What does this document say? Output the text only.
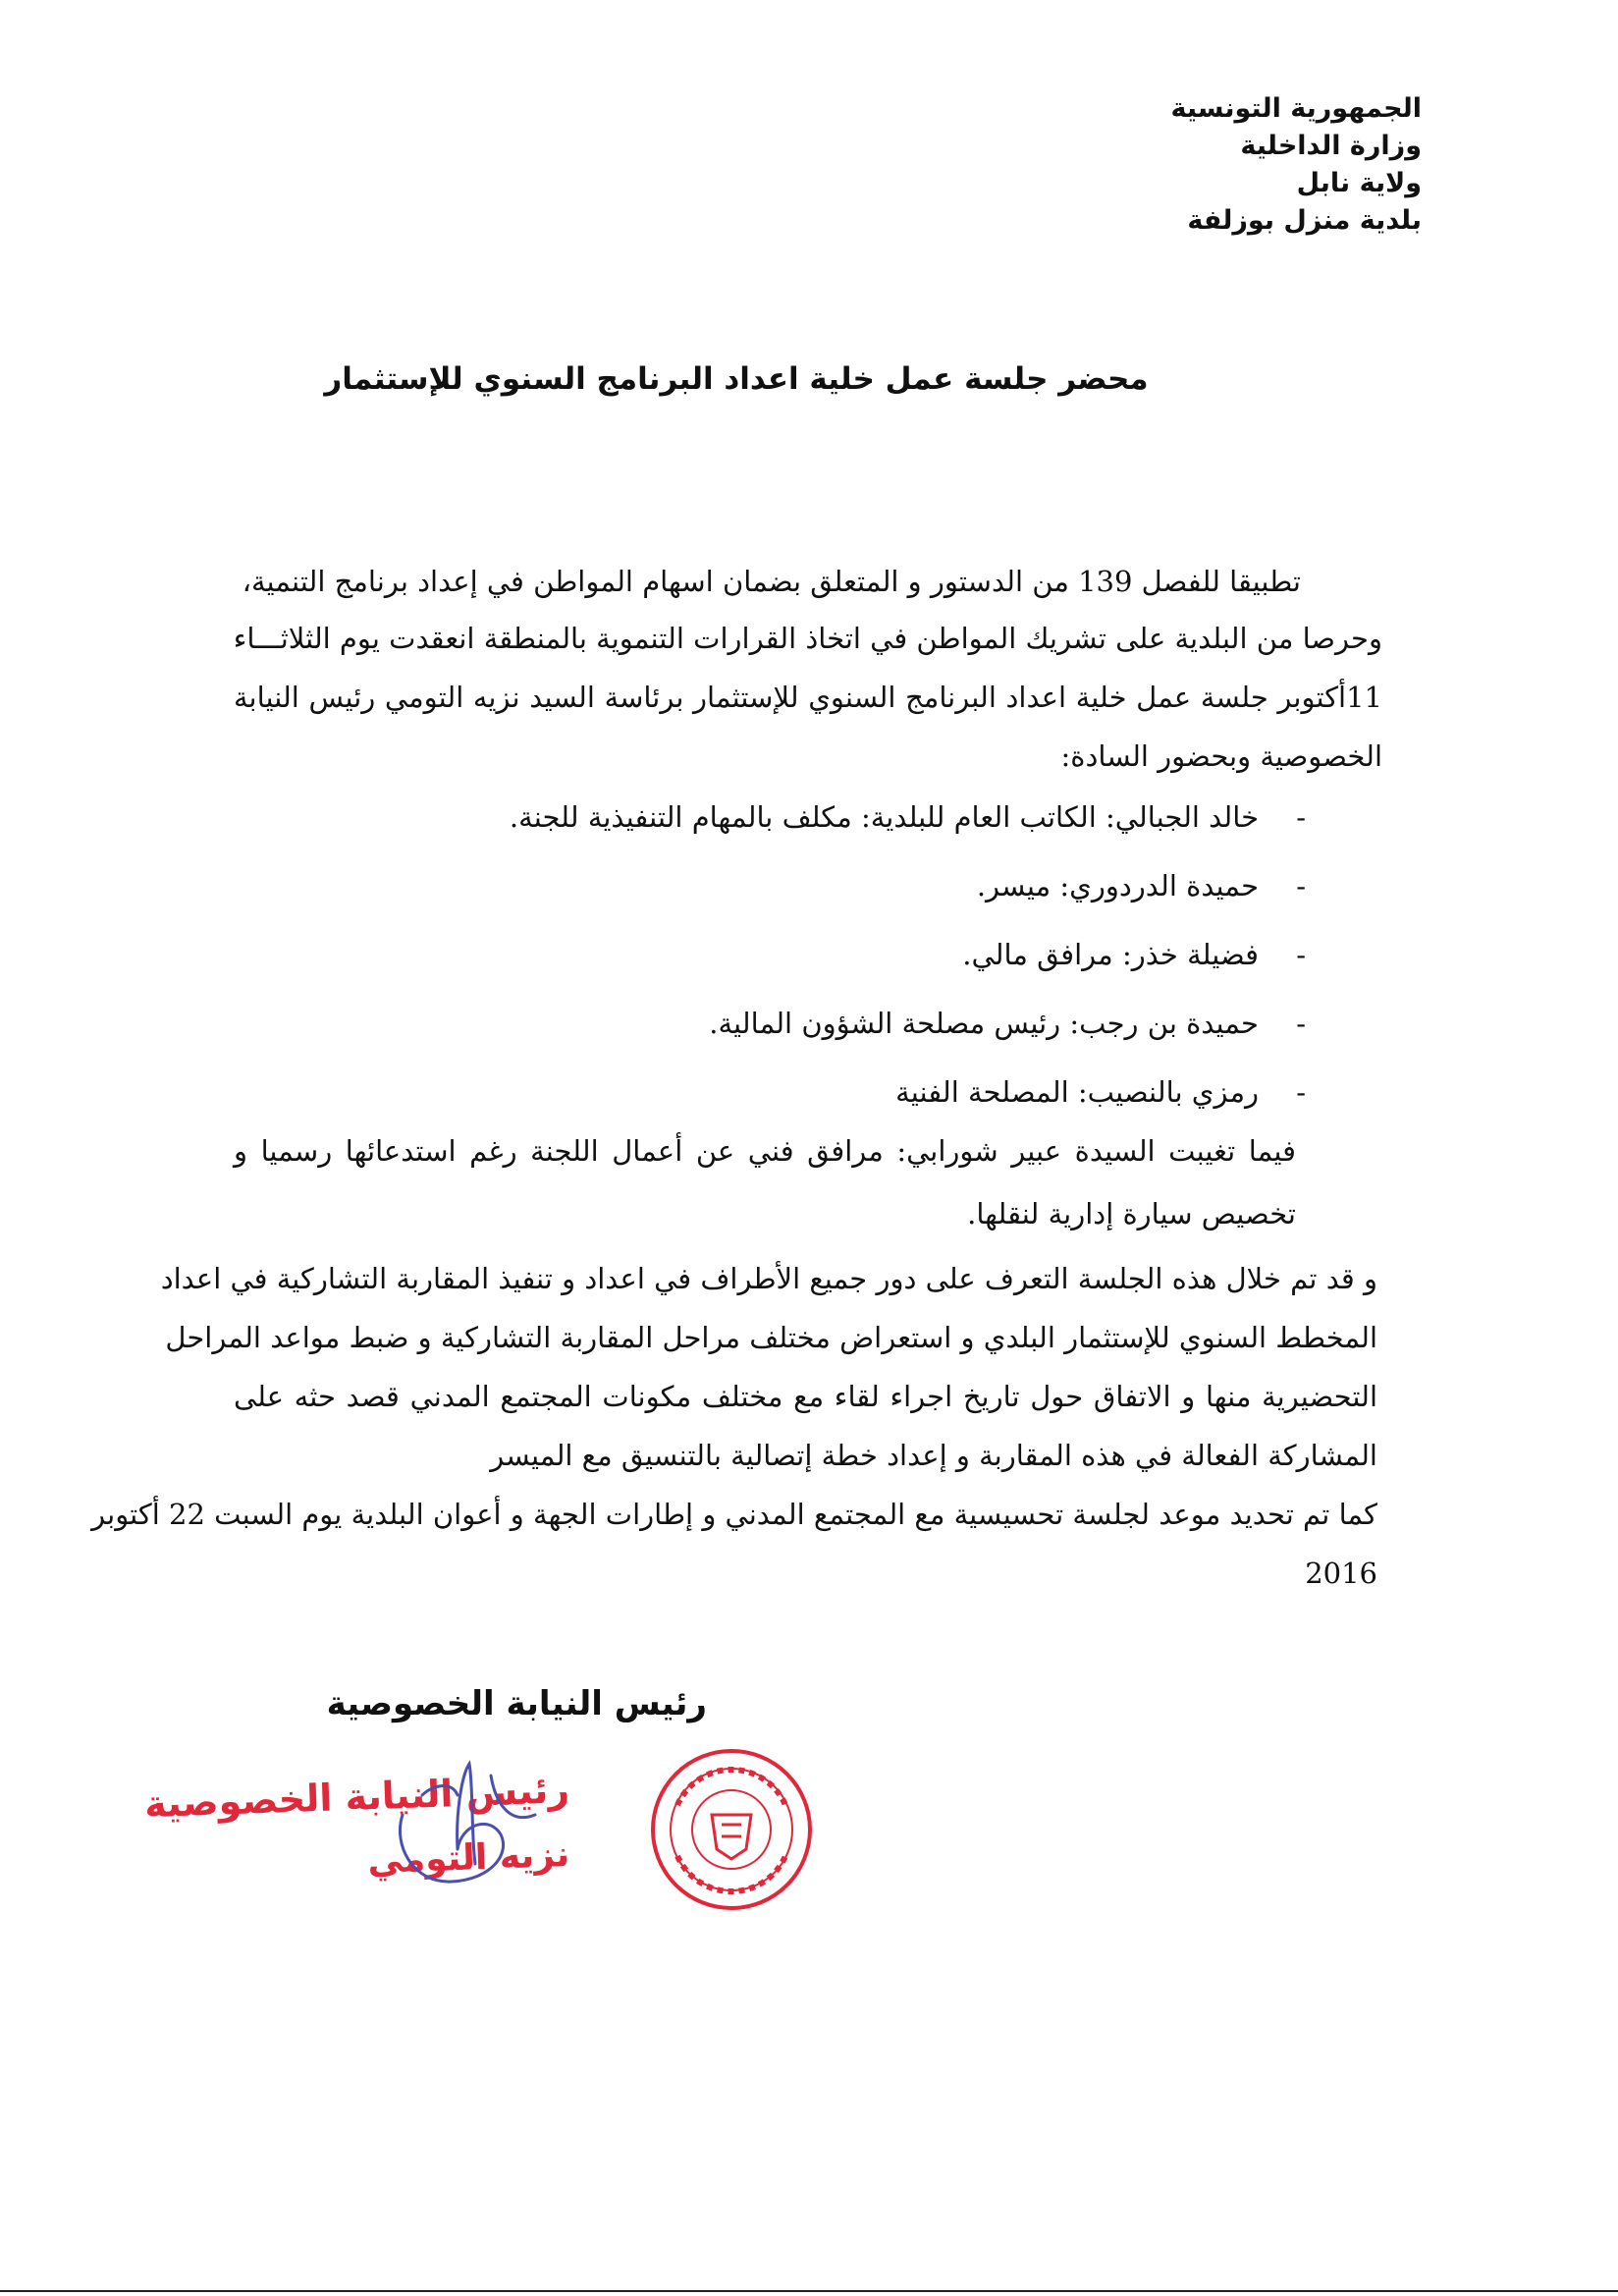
الجمهورية التونسية
وزارة الداخلية
ولاية نابل
بلدية منزل بوزلفة
محضر جلسة عمل خلية اعداد البرنامج السنوي للإستثمار
تطبيقا للفصل 139 من الدستور و المتعلق بضمان اسهام المواطن في إعداد برنامج التنمية،
وحرصا من البلدية على تشريك المواطن في اتخاذ القرارات التنموية بالمنطقة انعقدت يوم الثلاثـــاء
11أكتوبر جلسة عمل خلية اعداد البرنامج السنوي للإستثمار برئاسة السيد نزيه التومي رئيس النيابة
الخصوصية وبحضور السادة:
-
خالد الجبالي: الكاتب العام للبلدية: مكلف بالمهام التنفيذية للجنة.
-
حميدة الدردوري: ميسر.
-
فضيلة خذر: مرافق مالي.
-
حميدة بن رجب: رئيس مصلحة الشؤون المالية.
-
رمزي بالنصيب: المصلحة الفنية
فيما تغيبت السيدة عبير شورابي: مرافق فني عن أعمال اللجنة رغم استدعائها رسميا و
تخصيص سيارة إدارية لنقلها.
و قد تم خلال هذه الجلسة التعرف على دور جميع الأطراف في اعداد و تنفيذ المقاربة التشاركية في اعداد
المخطط السنوي للإستثمار البلدي و استعراض مختلف مراحل المقاربة التشاركية و ضبط مواعد المراحل
التحضيرية منها و الاتفاق حول تاريخ اجراء لقاء مع مختلف مكونات المجتمع المدني قصد حثه على
المشاركة الفعالة في هذه المقاربة و إعداد خطة إتصالية بالتنسيق مع الميسر
كما تم تحديد موعد لجلسة تحسيسية مع المجتمع المدني و إطارات الجهة و أعوان البلدية يوم السبت 22 أكتوبر
2016
رئيس النيابة الخصوصية
رئيس النيابة الخصوصية
نزيه التومي
